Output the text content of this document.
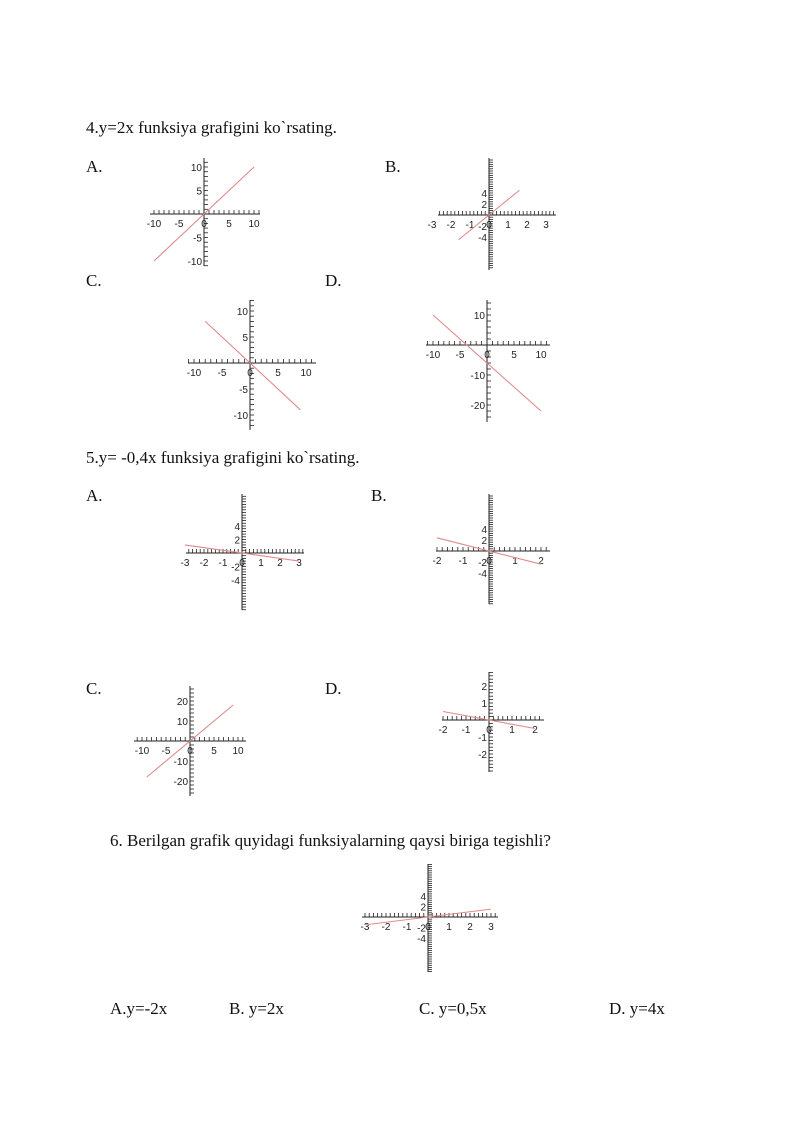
4.y=2x funksiya grafigini ko`rsating.
A.	B.
C.	D.
-10 -5 0 5 10
10
5
-5
-10
-3 -2 -1 0 1 2 3
4
2
-2
-4
-10 -5 0 5 10
10
5
-5
-10
-10 -5 0 5 10
10
-10
-20
5.y= -0,4x funksiya grafigini ko`rsating.
A.	B.
C.	D.
-3 -2 -1 0 1 2 3
4
2
-2
-4
-2 -1 0 1 2
4
2
-2
-4
-10 -5 0 5 10
20
10
-10
-20
-2 -1 0 1 2
2
1
-1
-2
6. Berilgan grafik quyidagi funksiyalarning qaysi biriga tegishli?
-3 -2 -1 0 1 2 3
4
2
-2
-4
A.y=-2x	B. y=2x	C. y=0,5x	D. y=4x
